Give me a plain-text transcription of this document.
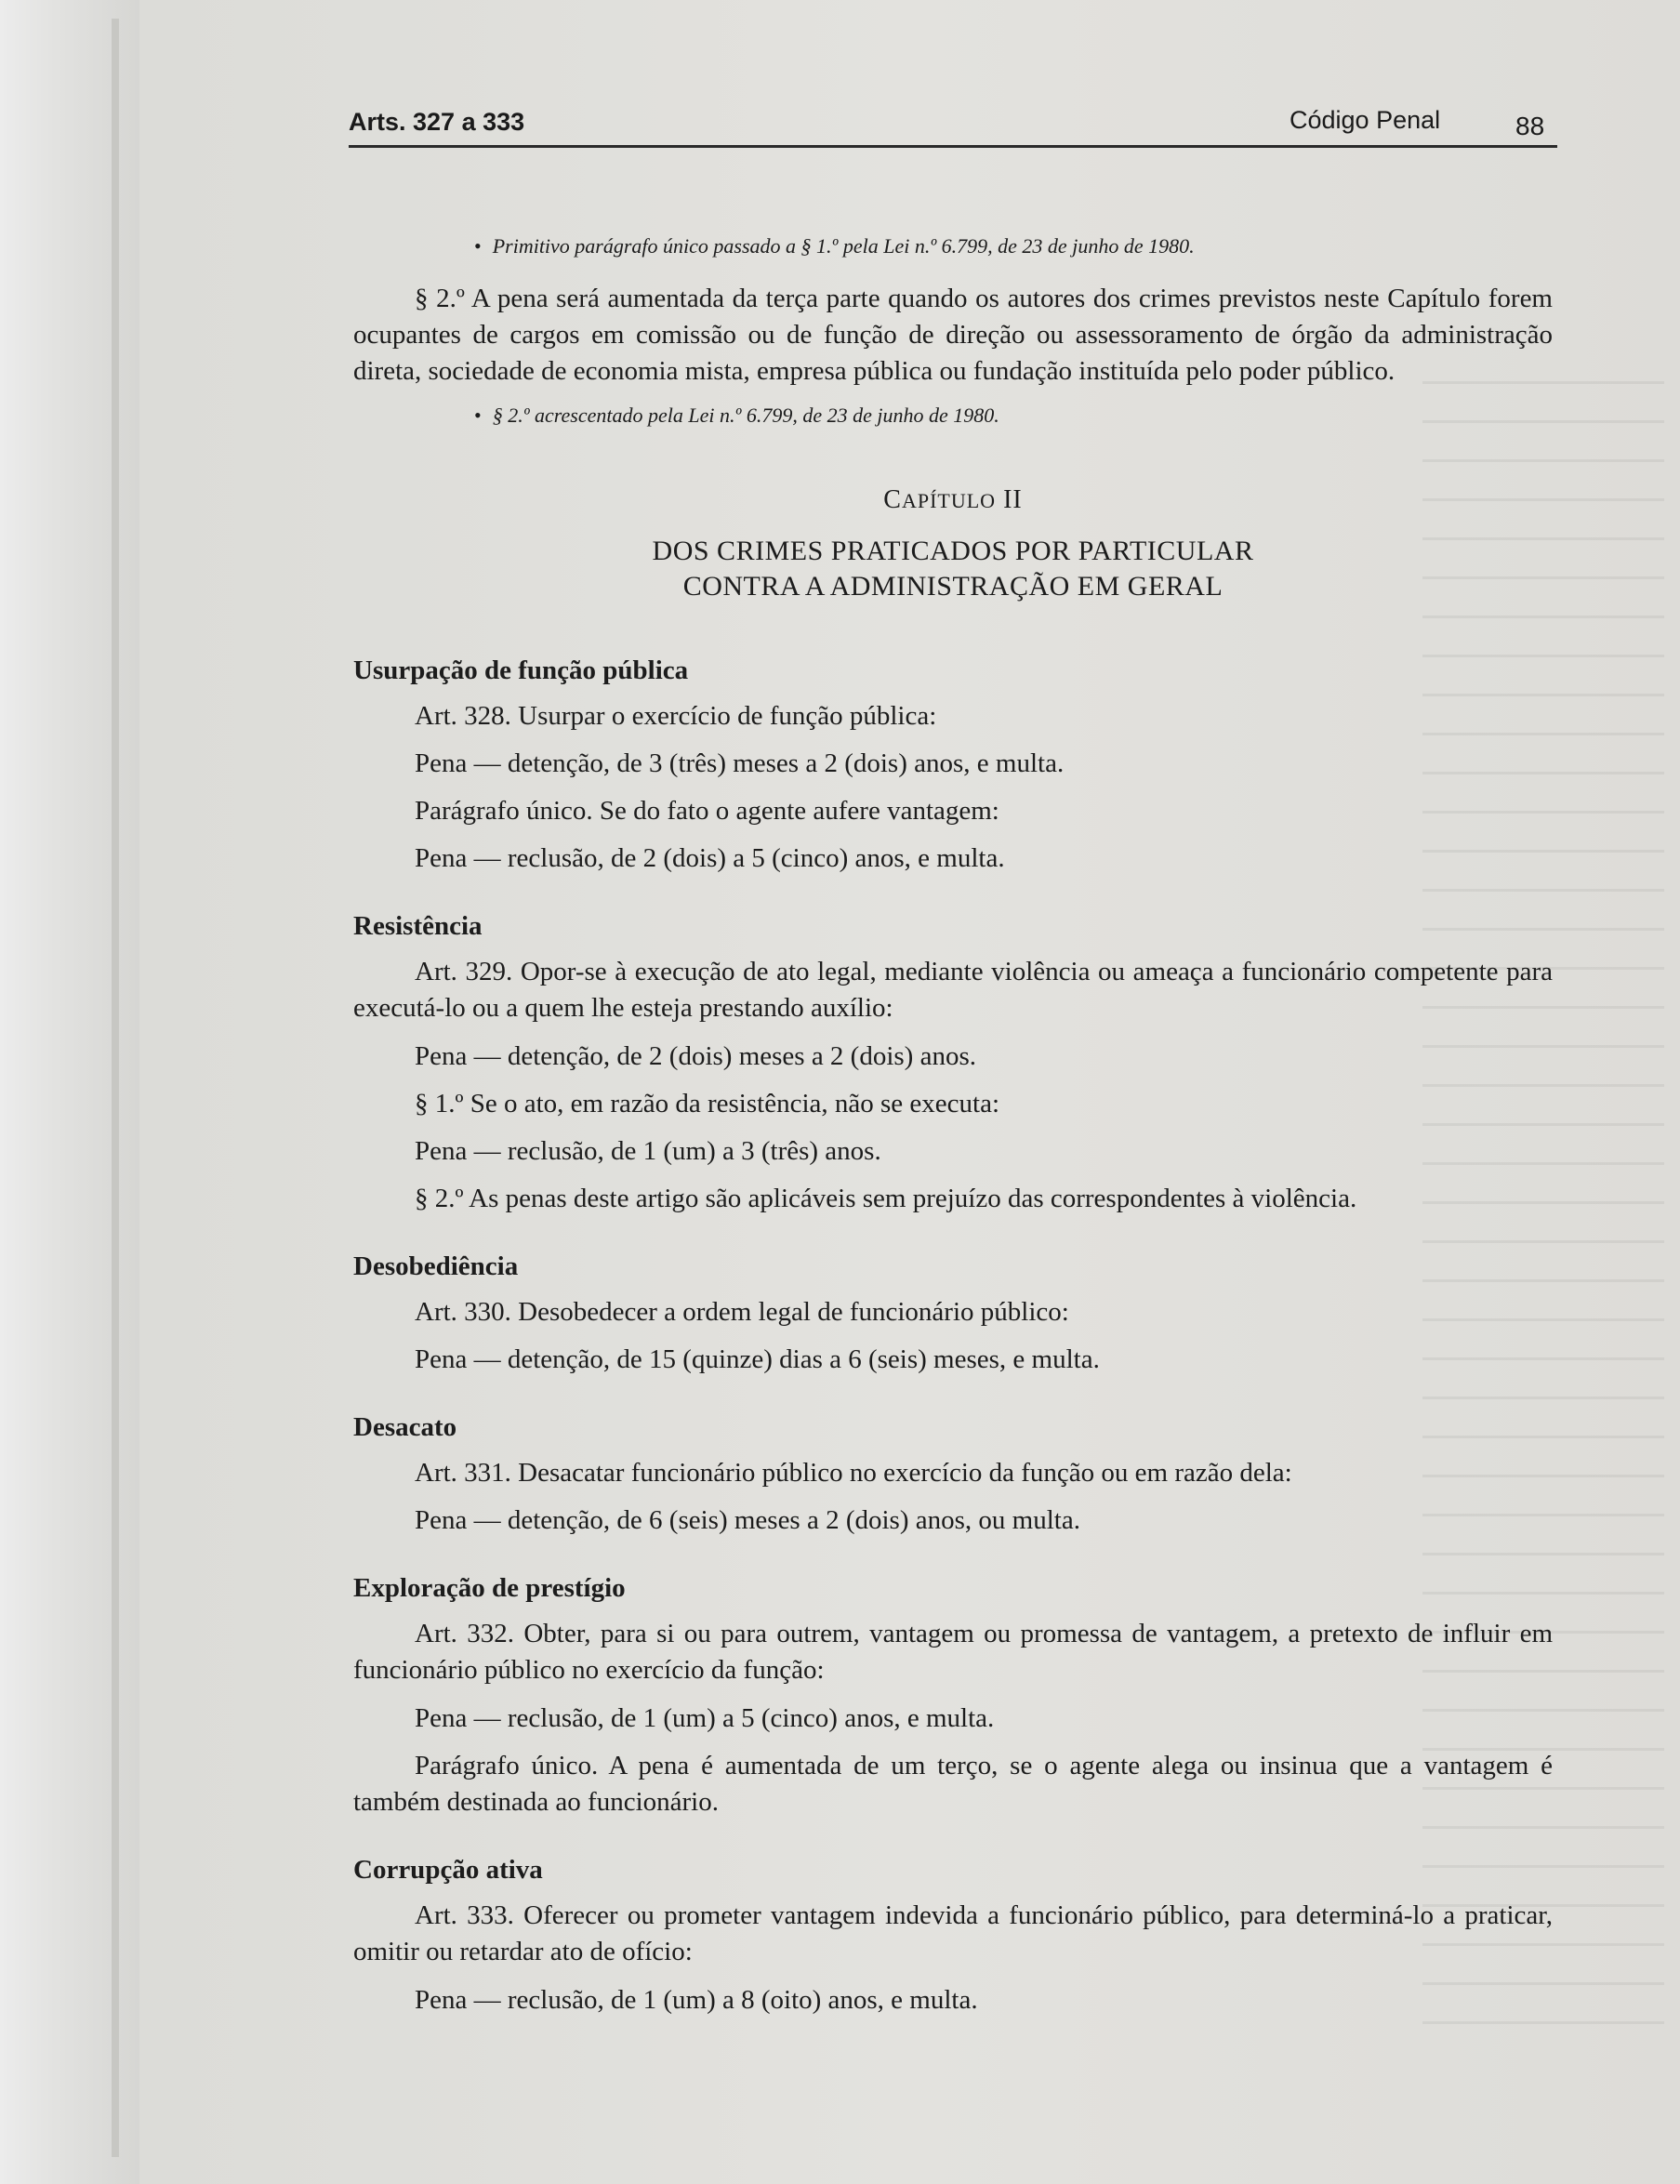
Arts. 327 a 333	Código Penal	88
• Primitivo parágrafo único passado a § 1.º pela Lei n.º 6.799, de 23 de junho de 1980.
§ 2.º A pena será aumentada da terça parte quando os autores dos crimes previstos neste Capítulo forem ocupantes de cargos em comissão ou de função de direção ou assessoramento de órgão da administração direta, sociedade de economia mista, empresa pública ou fundação instituída pelo poder público.
• § 2.º acrescentado pela Lei n.º 6.799, de 23 de junho de 1980.
CAPÍTULO II
DOS CRIMES PRATICADOS POR PARTICULAR
CONTRA A ADMINISTRAÇÃO EM GERAL
Usurpação de função pública
Art. 328. Usurpar o exercício de função pública:
Pena — detenção, de 3 (três) meses a 2 (dois) anos, e multa.
Parágrafo único. Se do fato o agente aufere vantagem:
Pena — reclusão, de 2 (dois) a 5 (cinco) anos, e multa.
Resistência
Art. 329. Opor-se à execução de ato legal, mediante violência ou ameaça a funcionário competente para executá-lo ou a quem lhe esteja prestando auxílio:
Pena — detenção, de 2 (dois) meses a 2 (dois) anos.
§ 1.º Se o ato, em razão da resistência, não se executa:
Pena — reclusão, de 1 (um) a 3 (três) anos.
§ 2.º As penas deste artigo são aplicáveis sem prejuízo das correspondentes à violência.
Desobediência
Art. 330. Desobedecer a ordem legal de funcionário público:
Pena — detenção, de 15 (quinze) dias a 6 (seis) meses, e multa.
Desacato
Art. 331. Desacatar funcionário público no exercício da função ou em razão dela:
Pena — detenção, de 6 (seis) meses a 2 (dois) anos, ou multa.
Exploração de prestígio
Art. 332. Obter, para si ou para outrem, vantagem ou promessa de vantagem, a pretexto de influir em funcionário público no exercício da função:
Pena — reclusão, de 1 (um) a 5 (cinco) anos, e multa.
Parágrafo único. A pena é aumentada de um terço, se o agente alega ou insinua que a vantagem é também destinada ao funcionário.
Corrupção ativa
Art. 333. Oferecer ou prometer vantagem indevida a funcionário público, para determiná-lo a praticar, omitir ou retardar ato de ofício:
Pena — reclusão, de 1 (um) a 8 (oito) anos, e multa.
